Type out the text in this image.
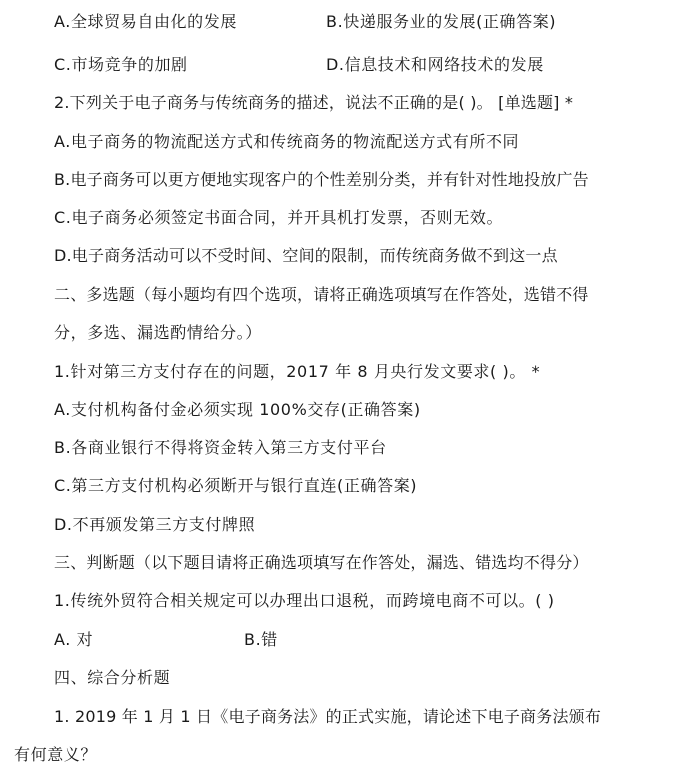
A.全球贸易自由化的发展	B.快递服务业的发展(正确答案)
C.市场竞争的加剧	D.信息技术和网络技术的发展
2.下列关于电子商务与传统商务的描述，说法不正确的是( )。 [单选题] *
A.电子商务的物流配送方式和传统商务的物流配送方式有所不同
B.电子商务可以更方便地实现客户的个性差别分类，并有针对性地投放广告
C.电子商务必须签定书面合同，并开具机打发票，否则无效。
D.电子商务活动可以不受时间、空间的限制，而传统商务做不到这一点
二、多选题（每小题均有四个选项，请将正确选项填写在作答处，选错不得
分，多选、漏选酌情给分。）
1.针对第三方支付存在的问题，2017 年 8 月央行发文要求( )。 *
A.支付机构备付金必须实现 100%交存(正确答案)
B.各商业银行不得将资金转入第三方支付平台
C.第三方支付机构必须断开与银行直连(正确答案)
D.不再颁发第三方支付牌照
三、判断题（以下题目请将正确选项填写在作答处，漏选、错选均不得分）
1.传统外贸符合相关规定可以办理出口退税，而跨境电商不可以。( )
A. 对	B.错
四、综合分析题
1. 2019 年 1 月 1 日《电子商务法》的正式实施，请论述下电子商务法颁布
有何意义？
